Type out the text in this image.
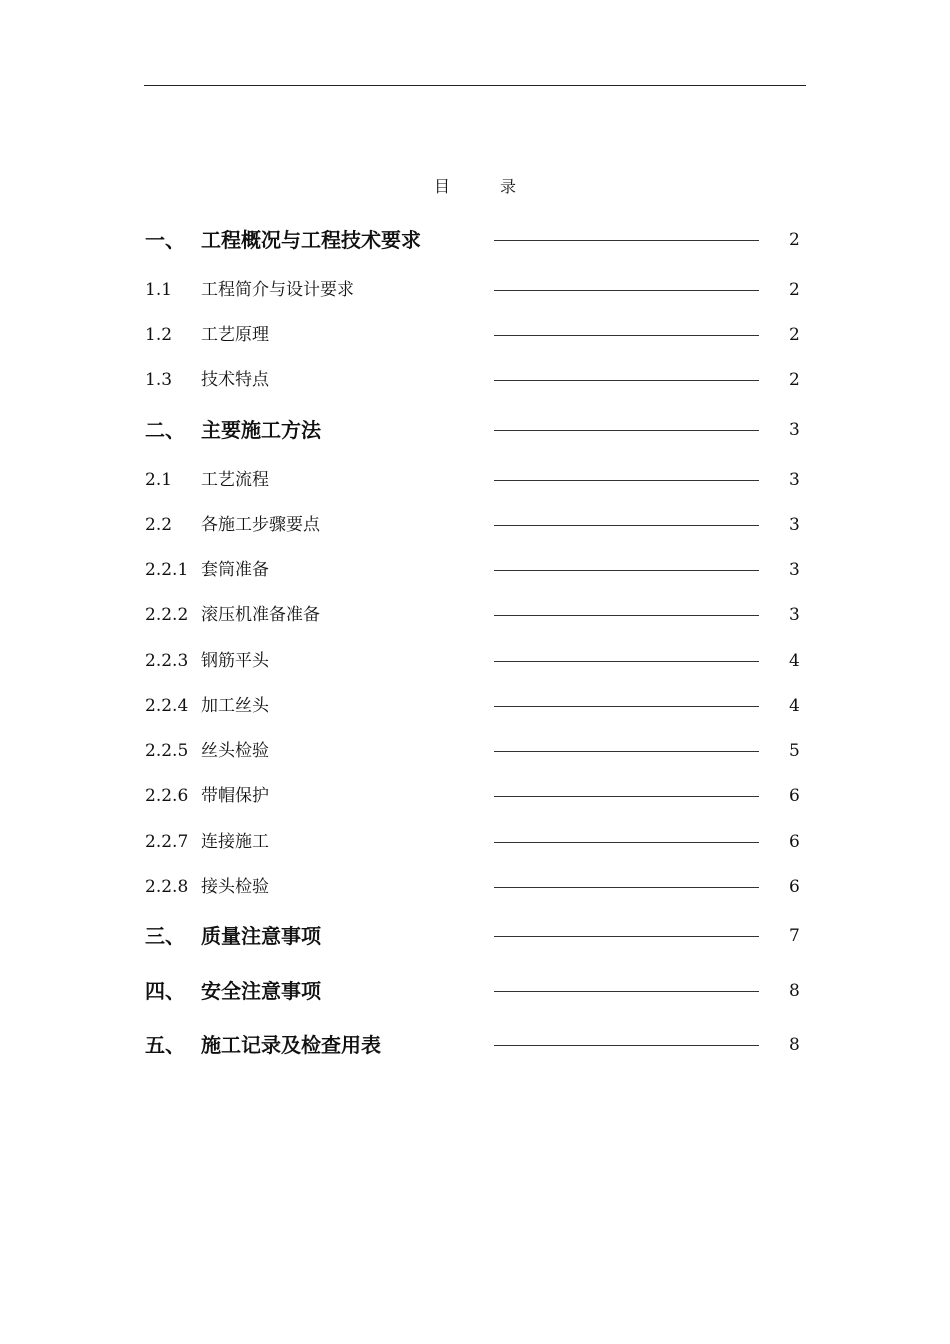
目	录
一、 工程概况与工程技术要求	2
1.1 工程简介与设计要求	2
1.2 工艺原理	2
1.3 技术特点	2
二、 主要施工方法	3
2.1 工艺流程	3
2.2 各施工步骤要点	3
2.2.1 套筒准备	3
2.2.2 滚压机准备准备	3
2.2.3 钢筋平头	4
2.2.4 加工丝头	4
2.2.5 丝头检验	5
2.2.6 带帽保护	6
2.2.7 连接施工	6
2.2.8 接头检验	6
三、 质量注意事项	7
四、 安全注意事项	8
五、 施工记录及检查用表	8
